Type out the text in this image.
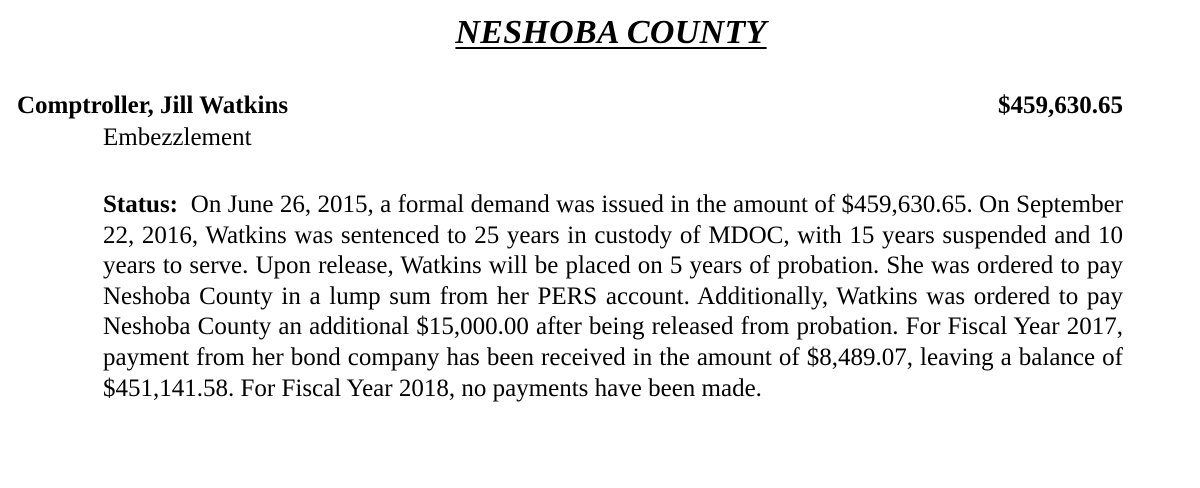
NESHOBA COUNTY
Comptroller, Jill Watkins	$459,630.65
Embezzlement
Status: On June 26, 2015, a formal demand was issued in the amount of $459,630.65. On September 22, 2016, Watkins was sentenced to 25 years in custody of MDOC, with 15 years suspended and 10 years to serve. Upon release, Watkins will be placed on 5 years of probation. She was ordered to pay Neshoba County in a lump sum from her PERS account. Additionally, Watkins was ordered to pay Neshoba County an additional $15,000.00 after being released from probation. For Fiscal Year 2017, payment from her bond company has been received in the amount of $8,489.07, leaving a balance of $451,141.58. For Fiscal Year 2018, no payments have been made.
